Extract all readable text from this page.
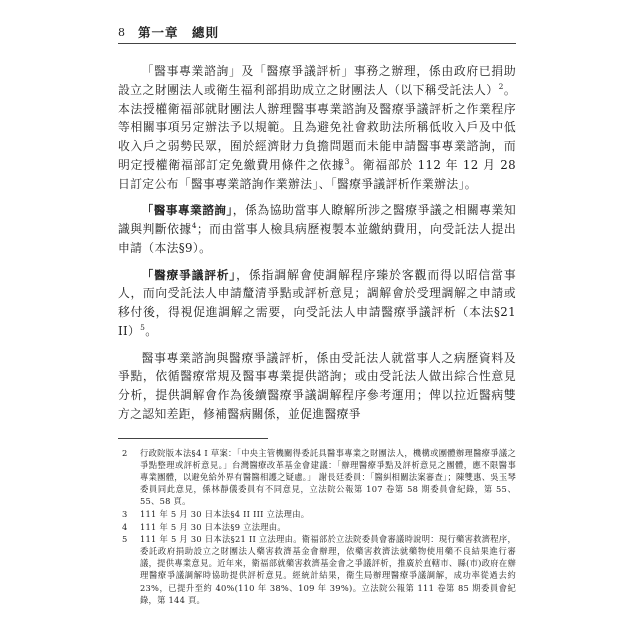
8 第一章　總則

「醫事專業諮詢」及「醫療爭議評析」事務之辦理，係由政府已捐助設立之財團法人或衛生福利部捐助成立之財團法人（以下稱受託法人）$^2$。本法授權衛福部就財團法人辦理醫事專業諮詢及醫療爭議評析之作業程序等相關事項另定辦法予以規範。且為避免社會救助法所稱低收入戶及中低收入戶之弱勢民眾，囿於經濟財力負擔問題而未能申請醫事專業諮詢，而明定授權衛福部訂定免繳費用條件之依據$^3$。衛福部於 112 年 12 月 28 日訂定公布「醫事專業諮詢作業辦法」、「醫療爭議評析作業辦法」。

「醫事專業諮詢」，係為協助當事人瞭解所涉之醫療爭議之相關專業知識與判斷依據$^4$；而由當事人檢具病歷複製本並繳納費用，向受託法人提出申請（本法§9）。

「醫療爭議評析」，係指調解會使調解程序臻於客觀而得以昭信當事人，而向受託法人申請釐清爭點或評析意見；調解會於受理調解之申請或移付後，得視促進調解之需要，向受託法人申請醫療爭議評析（本法§21 II）$^5$。

醫事專業諮詢與醫療爭議評析，係由受託法人就當事人之病歷資料及爭點，依循醫療常規及醫事專業提供諮詢；或由受託法人做出綜合性意見分析，提供調解會作為後續醫療爭議調解程序參考運用；俾以拉近醫病雙方之認知差距，修補醫病關係，並促進醫療爭

2	行政院版本法§4 I 草案：「中央主管機關得委託具醫事專業之財團法人，機構或團體辦理醫療爭議之爭點整理或評析意見。」台灣醫療改革基金會建議：「辦理醫療爭點及評析意見之團體，應不限醫事專業團體，以避免給外界有醫醫相護之疑慮。」 謝長廷委員：「醫糾相關法案審查」；陳雙惠、吳玉琴委員同此意見，係林靜儀委員有不同意見，立法院公報第 107 卷第 58 期委員會紀錄，第 55、55、58 頁。
3	111 年 5 月 30 日本法§4 II III 立法理由。
4	111 年 5 月 30 日本法§9 立法理由。
5	111 年 5 月 30 日本法§21 II 立法理由。衛福部於立法院委員會審議時說明：現行藥害救濟程序，委託政府捐助設立之財團法人藥害救濟基金會辦理，依藥害救濟法就藥物使用藥不良結果進行審議，提供專業意見。近年來，衛福部就藥害救濟基金會之爭議評析，推廣於直轄市、縣(市)政府在辦理醫療爭議調解時協助提供評析意見。經統計結果，衛生局辦理醫療爭議調解，成功率從過去約 23%，已提升至約 40%(110 年 38%、109 年 39%)。立法院公報第 111 卷第 85 期委員會紀錄，第 144 頁。
